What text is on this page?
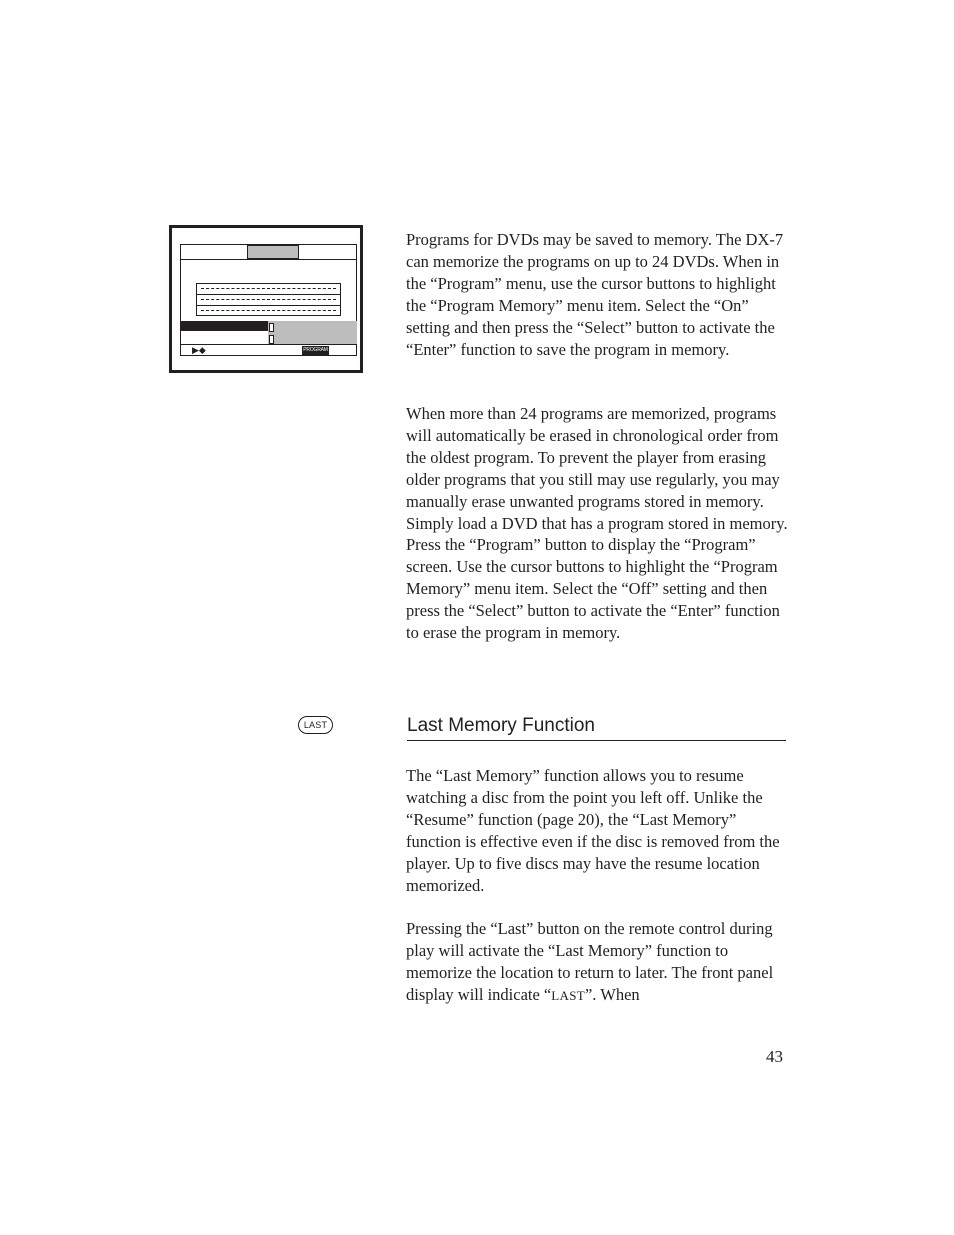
▶◆	PROGRAM

Programs for DVDs may be saved to memory. The DX-7 can memorize the programs on up to 24 DVDs. When in the “Program” menu, use the cursor buttons to highlight the “Program Memory” menu item. Select the “On” setting and then press the “Select” button to activate the “Enter” function to save the program in memory.

When more than 24 programs are memorized, programs will automatically be erased in chronological order from the oldest program. To prevent the player from erasing older programs that you still may use regularly, you may manually erase unwanted programs stored in memory. Simply load a DVD that has a program stored in memory. Press the “Program” button to display the “Program” screen. Use the cursor buttons to highlight the “Program Memory” menu item. Select the “Off” setting and then press the “Select” button to activate the “Enter” function to erase the program in memory.

LAST	Last Memory Function

The “Last Memory” function allows you to resume watching a disc from the point you left off. Unlike the “Resume” function (page 20), the “Last Memory” function is effective even if the disc is removed from the player. Up to five discs may have the resume location memorized.

Pressing the “Last” button on the remote control during play will activate the “Last Memory” function to memorize the location to return to later. The front panel display will indicate “LAST”. When

43
